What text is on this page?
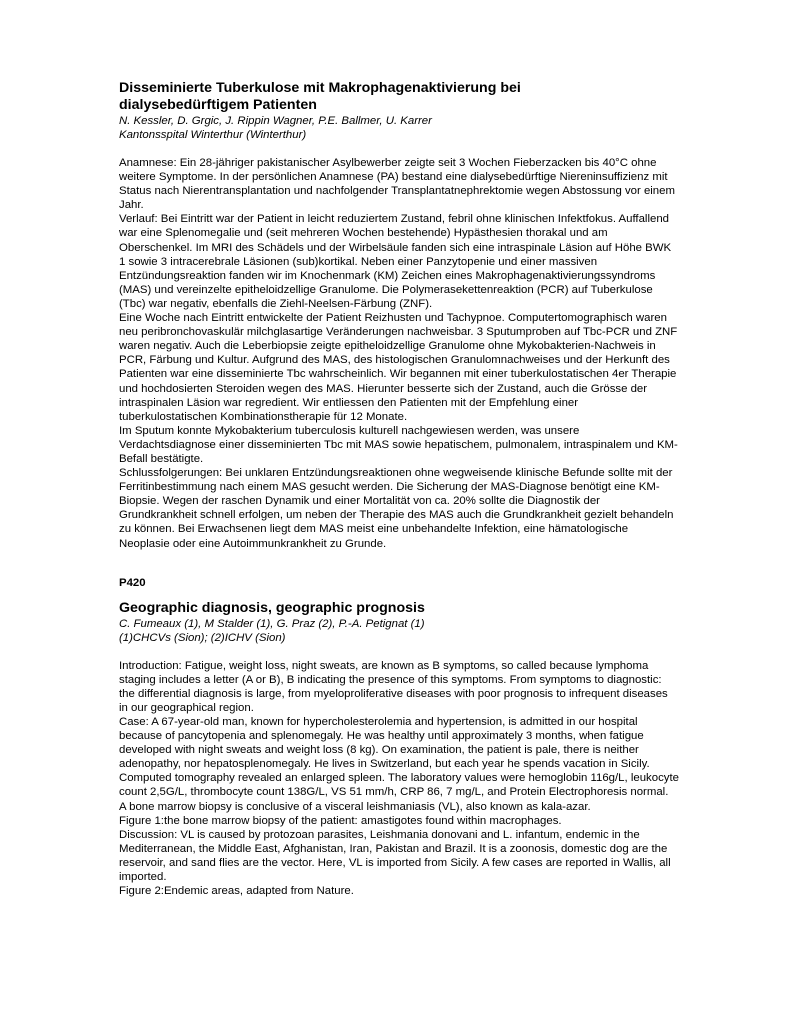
Disseminierte Tuberkulose mit Makrophagenaktivierung bei
dialysebedürftigem Patienten

N. Kessler, D. Grgic, J. Rippin Wagner, P.E. Ballmer, U. Karrer

Kantonsspital Winterthur (Winterthur)

Anamnese: Ein 28-jähriger pakistanischer Asylbewerber zeigte seit 3 Wochen Fieberzacken bis 40°C ohne weitere Symptome. In der persönlichen Anamnese (PA) bestand eine dialysebedürftige Niereninsuffizienz mit Status nach Nierentransplantation und nachfolgender Transplantatnephrektomie wegen Abstossung vor einem Jahr.

Verlauf: Bei Eintritt war der Patient in leicht reduziertem Zustand, febril ohne klinischen Infektfokus. Auffallend war eine Splenomegalie und (seit mehreren Wochen bestehende) Hypästhesien thorakal und am Oberschenkel. Im MRI des Schädels und der Wirbelsäule fanden sich eine intraspinale Läsion auf Höhe BWK 1 sowie 3 intracerebrale Läsionen (sub)kortikal. Neben einer Panzytopenie und einer massiven Entzündungsreaktion fanden wir im Knochenmark (KM) Zeichen eines Makrophagenaktivierungssyndroms (MAS) und vereinzelte epitheloidzellige Granulome. Die Polymerasekettenreaktion (PCR) auf Tuberkulose (Tbc) war negativ, ebenfalls die Ziehl-Neelsen-Färbung (ZNF).

Eine Woche nach Eintritt entwickelte der Patient Reizhusten und Tachypnoe. Computertomographisch waren neu peribronchovaskulär milchglasartige Veränderungen nachweisbar. 3 Sputumproben auf Tbc-PCR und ZNF waren negativ. Auch die Leberbiopsie zeigte epitheloidzellige Granulome ohne Mykobakterien-Nachweis in PCR, Färbung und Kultur. Aufgrund des MAS, des histologischen Granulomnachweises und der Herkunft des Patienten war eine disseminierte Tbc wahrscheinlich. Wir begannen mit einer tuberkulostatischen 4er Therapie und hochdosierten Steroiden wegen des MAS. Hierunter besserte sich der Zustand, auch die Grösse der intraspinalen Läsion war regredient. Wir entliessen den Patienten mit der Empfehlung einer tuberkulostatischen Kombinationstherapie für 12 Monate.

Im Sputum konnte Mykobakterium tuberculosis kulturell nachgewiesen werden, was unsere Verdachtsdiagnose einer disseminierten Tbc mit MAS sowie hepatischem, pulmonalem, intraspinalem und KM-Befall bestätigte.

Schlussfolgerungen: Bei unklaren Entzündungsreaktionen ohne wegweisende klinische Befunde sollte mit der Ferritinbestimmung nach einem MAS gesucht werden. Die Sicherung der MAS-Diagnose benötigt eine KM-Biopsie. Wegen der raschen Dynamik und einer Mortalität von ca. 20% sollte die Diagnostik der Grundkrankheit schnell erfolgen, um neben der Therapie des MAS auch die Grundkrankheit gezielt behandeln zu können. Bei Erwachsenen liegt dem MAS meist eine unbehandelte Infektion, eine hämatologische Neoplasie oder eine Autoimmunkrankheit zu Grunde.

P420

Geographic diagnosis, geographic prognosis

C. Fumeaux (1), M Stalder (1), G. Praz (2), P.-A. Petignat (1)

(1)CHCVs (Sion); (2)ICHV (Sion)

Introduction: Fatigue, weight loss, night sweats, are known as B symptoms, so called because lymphoma staging includes a letter (A or B), B indicating the presence of this symptoms. From symptoms to diagnostic: the differential diagnosis is large, from myeloproliferative diseases with poor prognosis to infrequent diseases in our geographical region.

Case: A 67-year-old man, known for hypercholesterolemia and hypertension, is admitted in our hospital because of pancytopenia and splenomegaly. He was healthy until approximately 3 months, when fatigue developed with night sweats and weight loss (8 kg). On examination, the patient is pale, there is neither adenopathy, nor hepatosplenomegaly. He lives in Switzerland, but each year he spends vacation in Sicily.

Computed tomography revealed an enlarged spleen. The laboratory values were hemoglobin 116g/L, leukocyte count 2,5G/L, thrombocyte count 138G/L, VS 51 mm/h, CRP 86, 7 mg/L, and Protein Electrophoresis normal.

A bone marrow biopsy is conclusive of a visceral leishmaniasis (VL), also known as kala-azar.

Figure 1:the bone marrow biopsy of the patient: amastigotes found within macrophages.

Discussion: VL is caused by protozoan parasites, Leishmania donovani and L. infantum, endemic in the Mediterranean, the Middle East, Afghanistan, Iran, Pakistan and Brazil. It is a zoonosis, domestic dog are the reservoir, and sand flies are the vector. Here, VL is imported from Sicily. A few cases are reported in Wallis, all imported.

Figure 2:Endemic areas, adapted from Nature.
